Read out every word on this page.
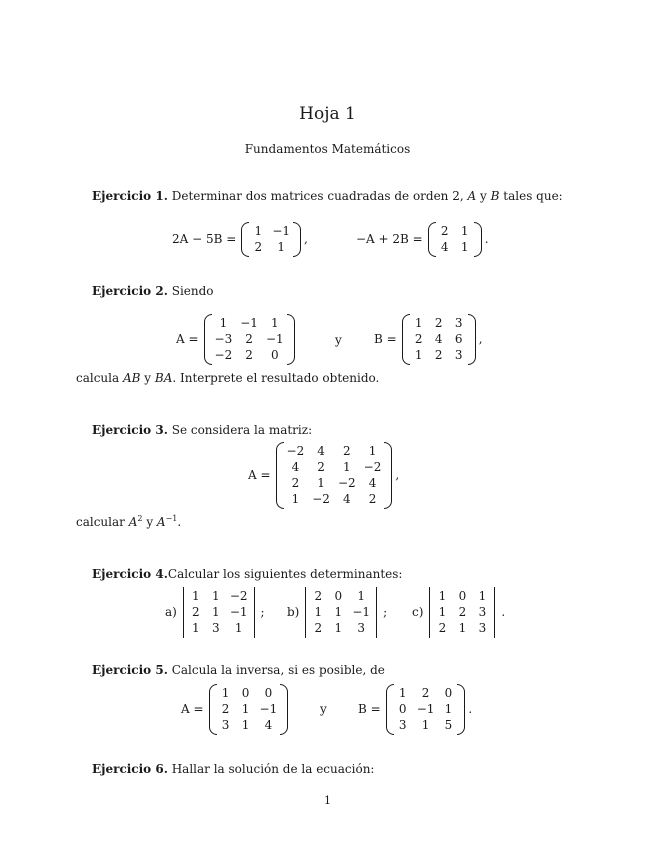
Hoja 1
Fundamentos Matemáticos
Ejercicio 1. Determinar dos matrices cuadradas de orden 2, A y B tales que:
2A − 5B =
1 −1
2	1
,	−A + 2B =
2 1
4 1
.
Ejercicio 2. Siendo
A =
1	−1	1
−3	2	−1
−2	2	0
y	B =
1 2 3
2 4 6
1 2 3
,
calcula AB y BA. Interprete el resultado obtenido.
Ejercicio 3. Se considera la matriz:
A =
−2	4	2	1
4	2	1	−2
2	1	−2	4
1	−2	4	2
,
calcular $A^2$ y $A^{-1}$.
Ejercicio 4.Calcular los siguientes determinantes:
a)
1 1 −2
2 1 −1
1 3	1
; b)
2 0	1
1 1 −1
2 1	3
; c)
1 0 1
1 2 3
2 1 3
.
Ejercicio 5. Calcula la inversa, si es posible, de
A =
1 0	0
2 1 −1
3 1	4
y	B =
1	2	0
0 −1 1
3	1	5
.
Ejercicio 6. Hallar la solución de la ecuación:
1
